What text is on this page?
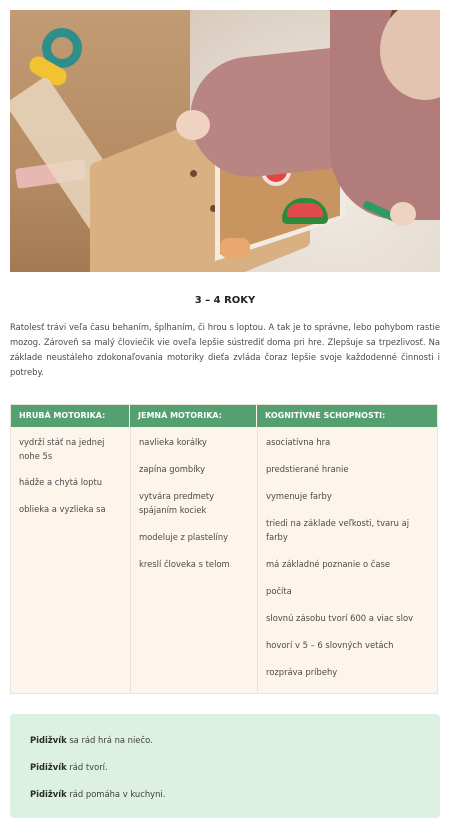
3 – 4 ROKY
Ratolesť trávi veľa času behaním, šplhaním, či hrou s loptou. A tak je to správne, lebo pohybom rastie mozog. Zároveň sa malý človiečik vie oveľa lepšie sústrediť doma pri hre. Zlepšuje sa trpezlivosť. Na základe neustáleho zdokonaľovania motoriky dieťa zvláda čoraz lepšie svoje každodenné činnosti i potreby.
HRUBÁ MOTORIKA:	JEMNÁ MOTORIKA:	KOGNITÍVNE SCHOPNOSTI:
vydrží stáť na jednej nohe 5s
hádže a chytá loptu
oblieka a vyzlieka sa
navlieka korálky
zapína gombíky
vytvára predmety spájaním kociek
modeluje z plastelíny
kreslí človeka s telom
asociatívna hra
predstierané hranie
vymenuje farby
triedi na základe veľkosti, tvaru aj farby
má základné poznanie o čase
počíta
slovnú zásobu tvorí 600 a viac slov
hovorí v 5 – 6 slovných vetách
rozpráva príbehy
Pidižvík sa rád hrá na niečo.
Pidižvík rád tvorí.
Pidižvík rád pomáha v kuchyni.
